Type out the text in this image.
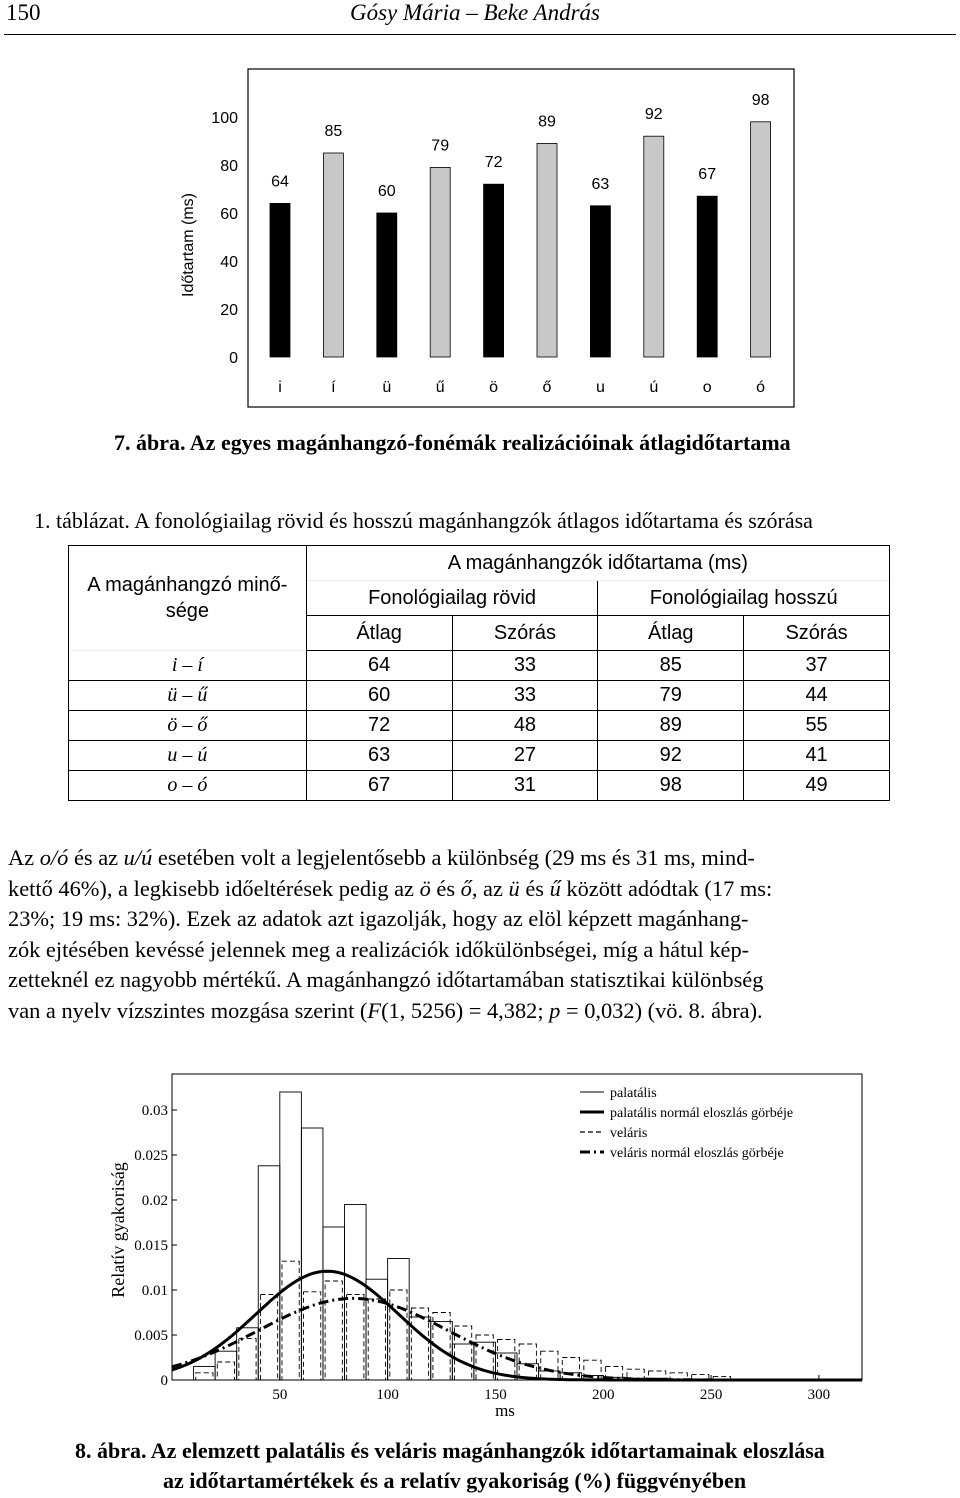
150	Gósy Mária – Beke András
Időtartam (ms)
0
20
40
60
80
100
64
85
60
79
72
89
63
92
67
98
i	í	ü	ű	ö	ő	u	ú	o	ó
7. ábra. Az egyes magánhangzó-fonémák realizációinak átlagidőtartama
1. táblázat. A fonológiailag rövid és hosszú magánhangzók átlagos időtartama és szórása
A magánhangzó minő-
sége	A magánhangzók időtartama (ms)			
	Fonológiailag rövid		Fonológiailag hosszú	
	Átlag	Szórás	Átlag	Szórás
i – í	64	33	85	37
ü – ű	60	33	79	44
ö – ő	72	48	89	55
u – ú	63	27	92	41
o – ó	67	31	98	49
Az o/ó és az u/ú esetében volt a legjelentősebb a különbség (29 ms és 31 ms, mind-
kettő 46%), a legkisebb időeltérések pedig az ö és ő, az ü és ű között adódtak (17 ms:
23%; 19 ms: 32%). Ezek az adatok azt igazolják, hogy az elöl képzett magánhang-
zók ejtésében kevéssé jelennek meg a realizációk időkülönbségei, míg a hátul kép-
zetteknél ez nagyobb mértékű. A magánhangzó időtartamában statisztikai különbség
van a nyelv vízszintes mozgása szerint (F(1, 5256) = 4,382; p = 0,032) (vö. 8. ábra).
Relatív gyakoriság
ms
50	100	150	200	250	300
0
0.005
0.01
0.015
0.02
0.025
0.03
palatális
palatális normál eloszlás görbéje
veláris
veláris normál eloszlás görbéje
8. ábra. Az elemzett palatális és veláris magánhangzók időtartamainak eloszlása
az időtartamértékek és a relatív gyakoriság (%) függvényében
